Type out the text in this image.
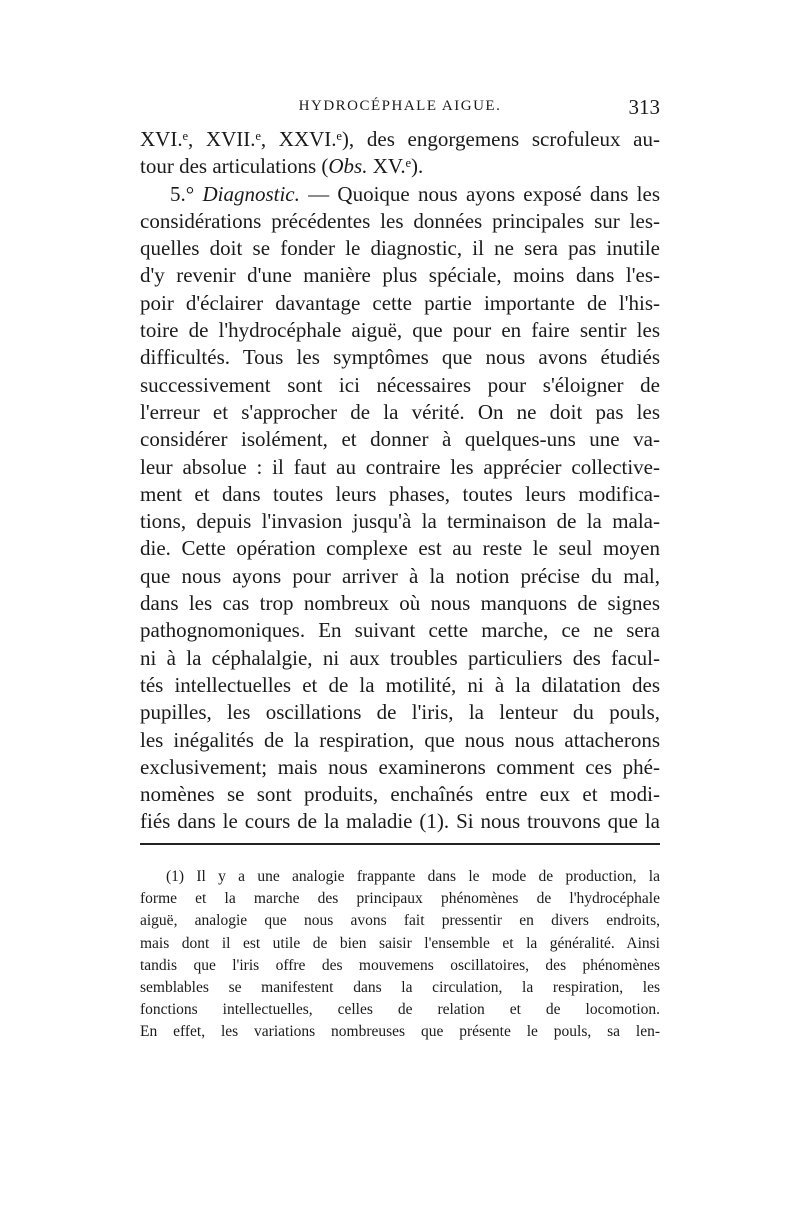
HYDROCÉPHALE AIGUE.	313
XVI.ᵉ, XVII.ᵉ, XXVI.ᵉ), des engorgemens scrofuleux au-
tour des articulations (Obs. XV.ᵉ).
5.° Diagnostic. — Quoique nous ayons exposé dans les
considérations précédentes les données principales sur les-
quelles doit se fonder le diagnostic, il ne sera pas inutile
d'y revenir d'une manière plus spéciale, moins dans l'es-
poir d'éclairer davantage cette partie importante de l'his-
toire de l'hydrocéphale aiguë, que pour en faire sentir les
difficultés. Tous les symptômes que nous avons étudiés
successivement sont ici nécessaires pour s'éloigner de
l'erreur et s'approcher de la vérité. On ne doit pas les
considérer isolément, et donner à quelques-uns une va-
leur absolue : il faut au contraire les apprécier collective-
ment et dans toutes leurs phases, toutes leurs modifica-
tions, depuis l'invasion jusqu'à la terminaison de la mala-
die. Cette opération complexe est au reste le seul moyen
que nous ayons pour arriver à la notion précise du mal,
dans les cas trop nombreux où nous manquons de signes
pathognomoniques. En suivant cette marche, ce ne sera
ni à la céphalalgie, ni aux troubles particuliers des facul-
tés intellectuelles et de la motilité, ni à la dilatation des
pupilles, les oscillations de l'iris, la lenteur du pouls,
les inégalités de la respiration, que nous nous attacherons
exclusivement; mais nous examinerons comment ces phé-
nomènes se sont produits, enchaînés entre eux et modi-
fiés dans le cours de la maladie (1). Si nous trouvons que la
(1) Il y a une analogie frappante dans le mode de production, la
forme et la marche des principaux phénomènes de l'hydrocéphale
aiguë, analogie que nous avons fait pressentir en divers endroits,
mais dont il est utile de bien saisir l'ensemble et la généralité. Ainsi
tandis que l'iris offre des mouvemens oscillatoires, des phénomènes
semblables se manifestent dans la circulation, la respiration, les
fonctions intellectuelles, celles de relation et de locomotion.
En effet, les variations nombreuses que présente le pouls, sa len-
